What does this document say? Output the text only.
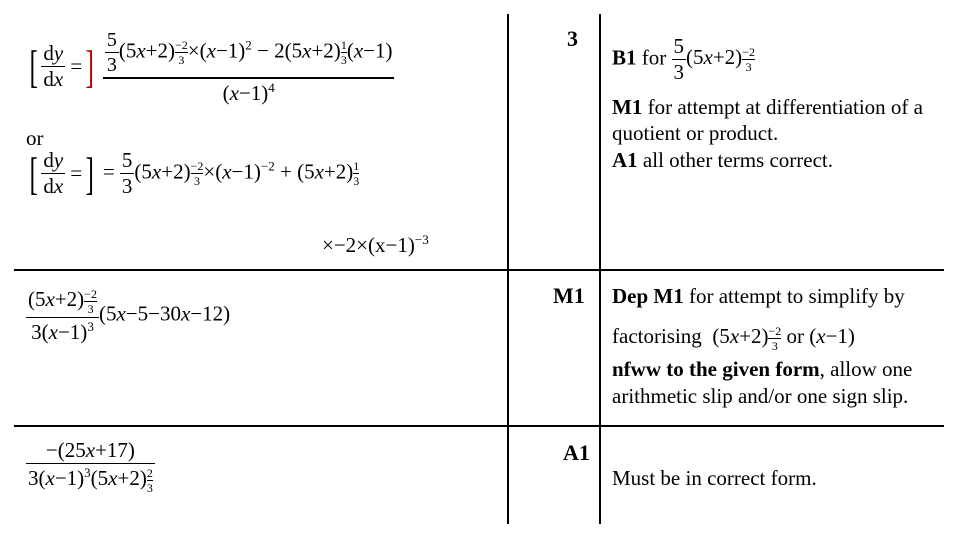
[ $\frac{dy}{dx}$ = ]
$\frac{\frac{5}{3} (5x+2) \frac{-2}{3} \times(x-1)^2 - 2(5x+2) \frac{1}{3} (x-1)}{(x-1)^4}$
or
[ $\frac{dy}{dx}$ = ] = $\frac{5}{3} (5x+2) \frac{-2}{3} \times(x-1)^{-2} + (5x+2) \frac{1}{3}$
$\times-2\times(x-1)^{-3}$
3
B1 for $\frac{5}{3} (5x+2) \frac{-2}{3}$
M1 for attempt at differentiation of a quotient or product.
A1 all other terms correct.
$\frac{(5x+2) \frac{-2}{3}}{3(x-1)^3} (5x-5-30x-12)$
M1 Dep M1 for attempt to simplify by
factorising  $(5x+2) \frac{-2}{3}$ or (x−1)
nfww to the given form, allow one arithmetic slip and/or one sign slip.
$\frac{-(25x+17)}{3(x-1)^3(5x+2) \frac{2}{3}}$	A1
Must be in correct form.
